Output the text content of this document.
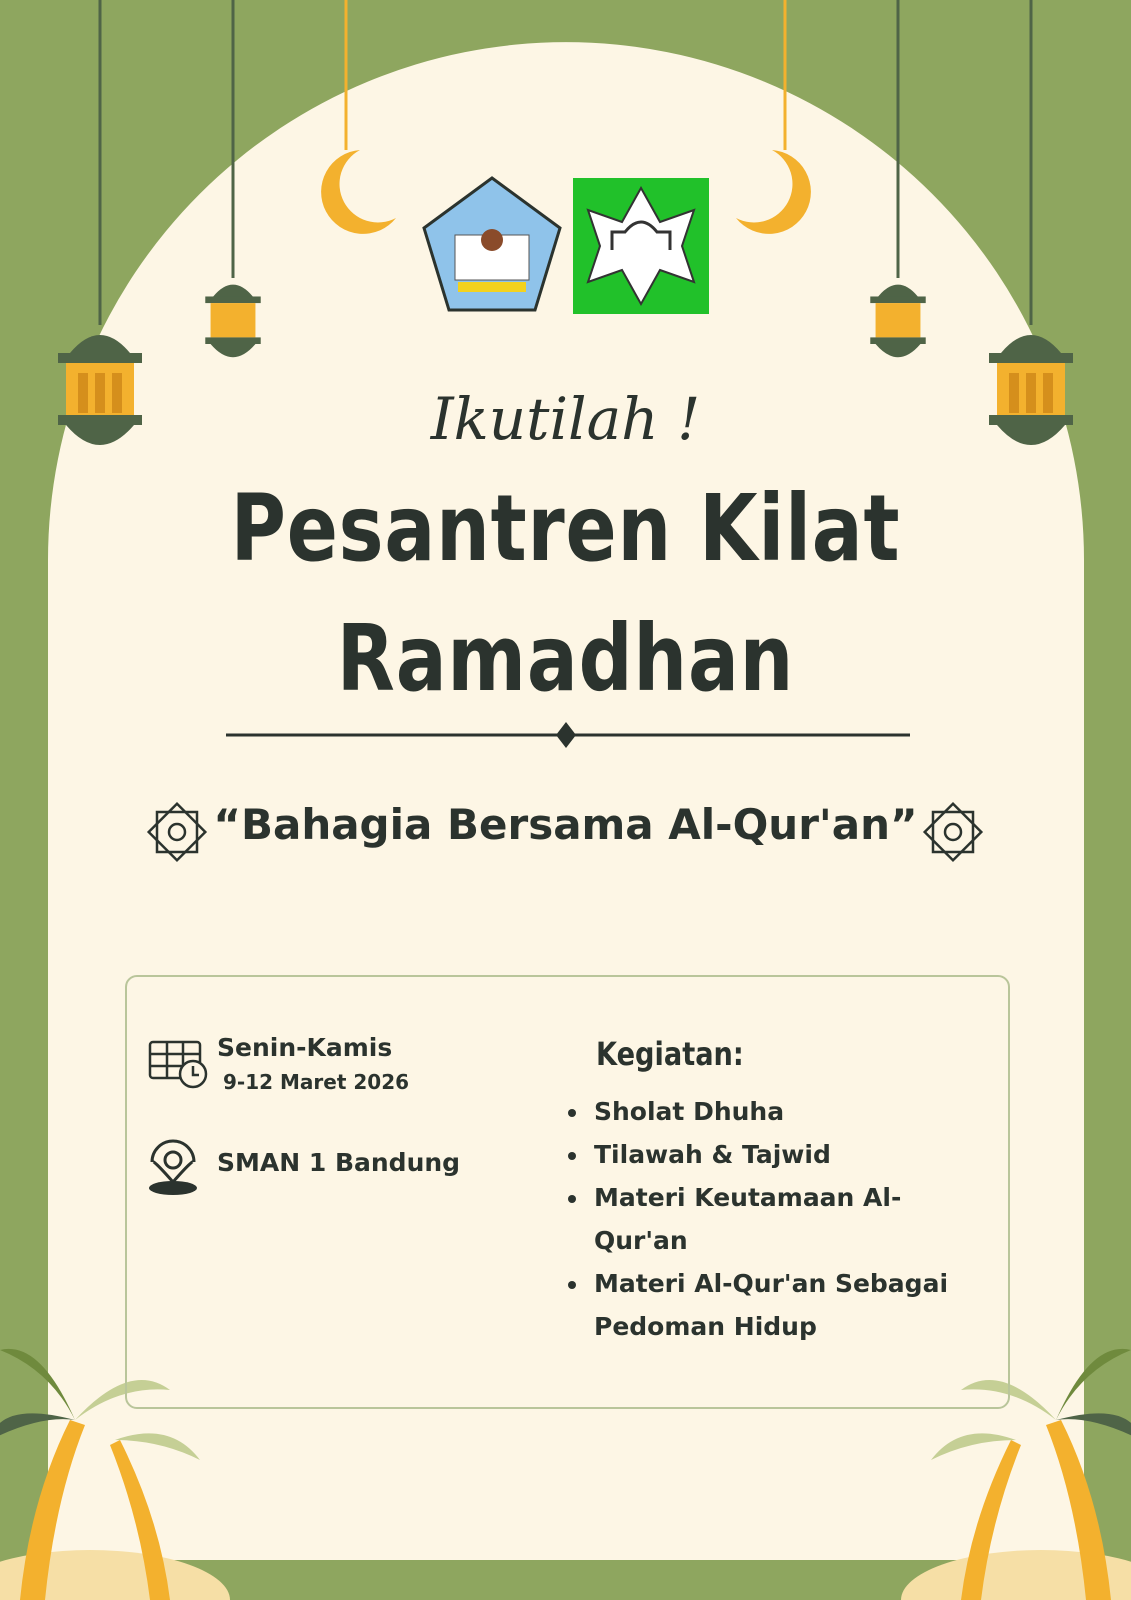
Ikutilah !
Pesantren Kilat
Ramadhan
“Bahagia Bersama Al-Qur'an”
Senin-Kamis
9-12 Maret 2026
SMAN 1 Bandung
Kegiatan:
• Sholat Dhuha
• Tilawah & Tajwid
• Materi Keutamaan Al-Qur'an
• Materi Al-Qur'an Sebagai Pedoman Hidup
